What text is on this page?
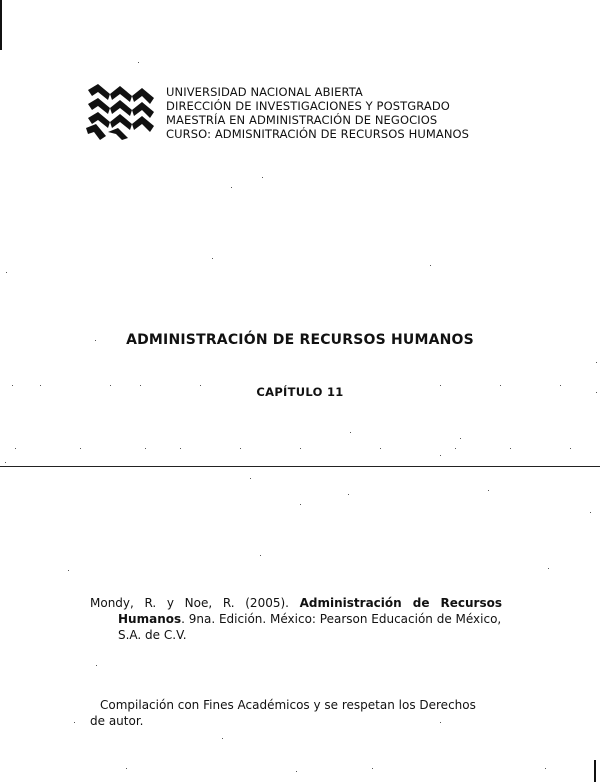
UNIVERSIDAD NACIONAL ABIERTA
DIRECCIÓN DE INVESTIGACIONES Y POSTGRADO
MAESTRÍA EN ADMINISTRACIÓN DE NEGOCIOS
CURSO: ADMISNITRACIÓN DE RECURSOS HUMANOS
ADMINISTRACIÓN DE RECURSOS HUMANOS
CAPÍTULO 11
Mondy, R. y Noe, R. (2005). Administración de Recursos
Humanos. 9na. Edición. México: Pearson Educación de México,
S.A. de C.V.
Compilación con Fines Académicos y se respetan los Derechos
de autor.
